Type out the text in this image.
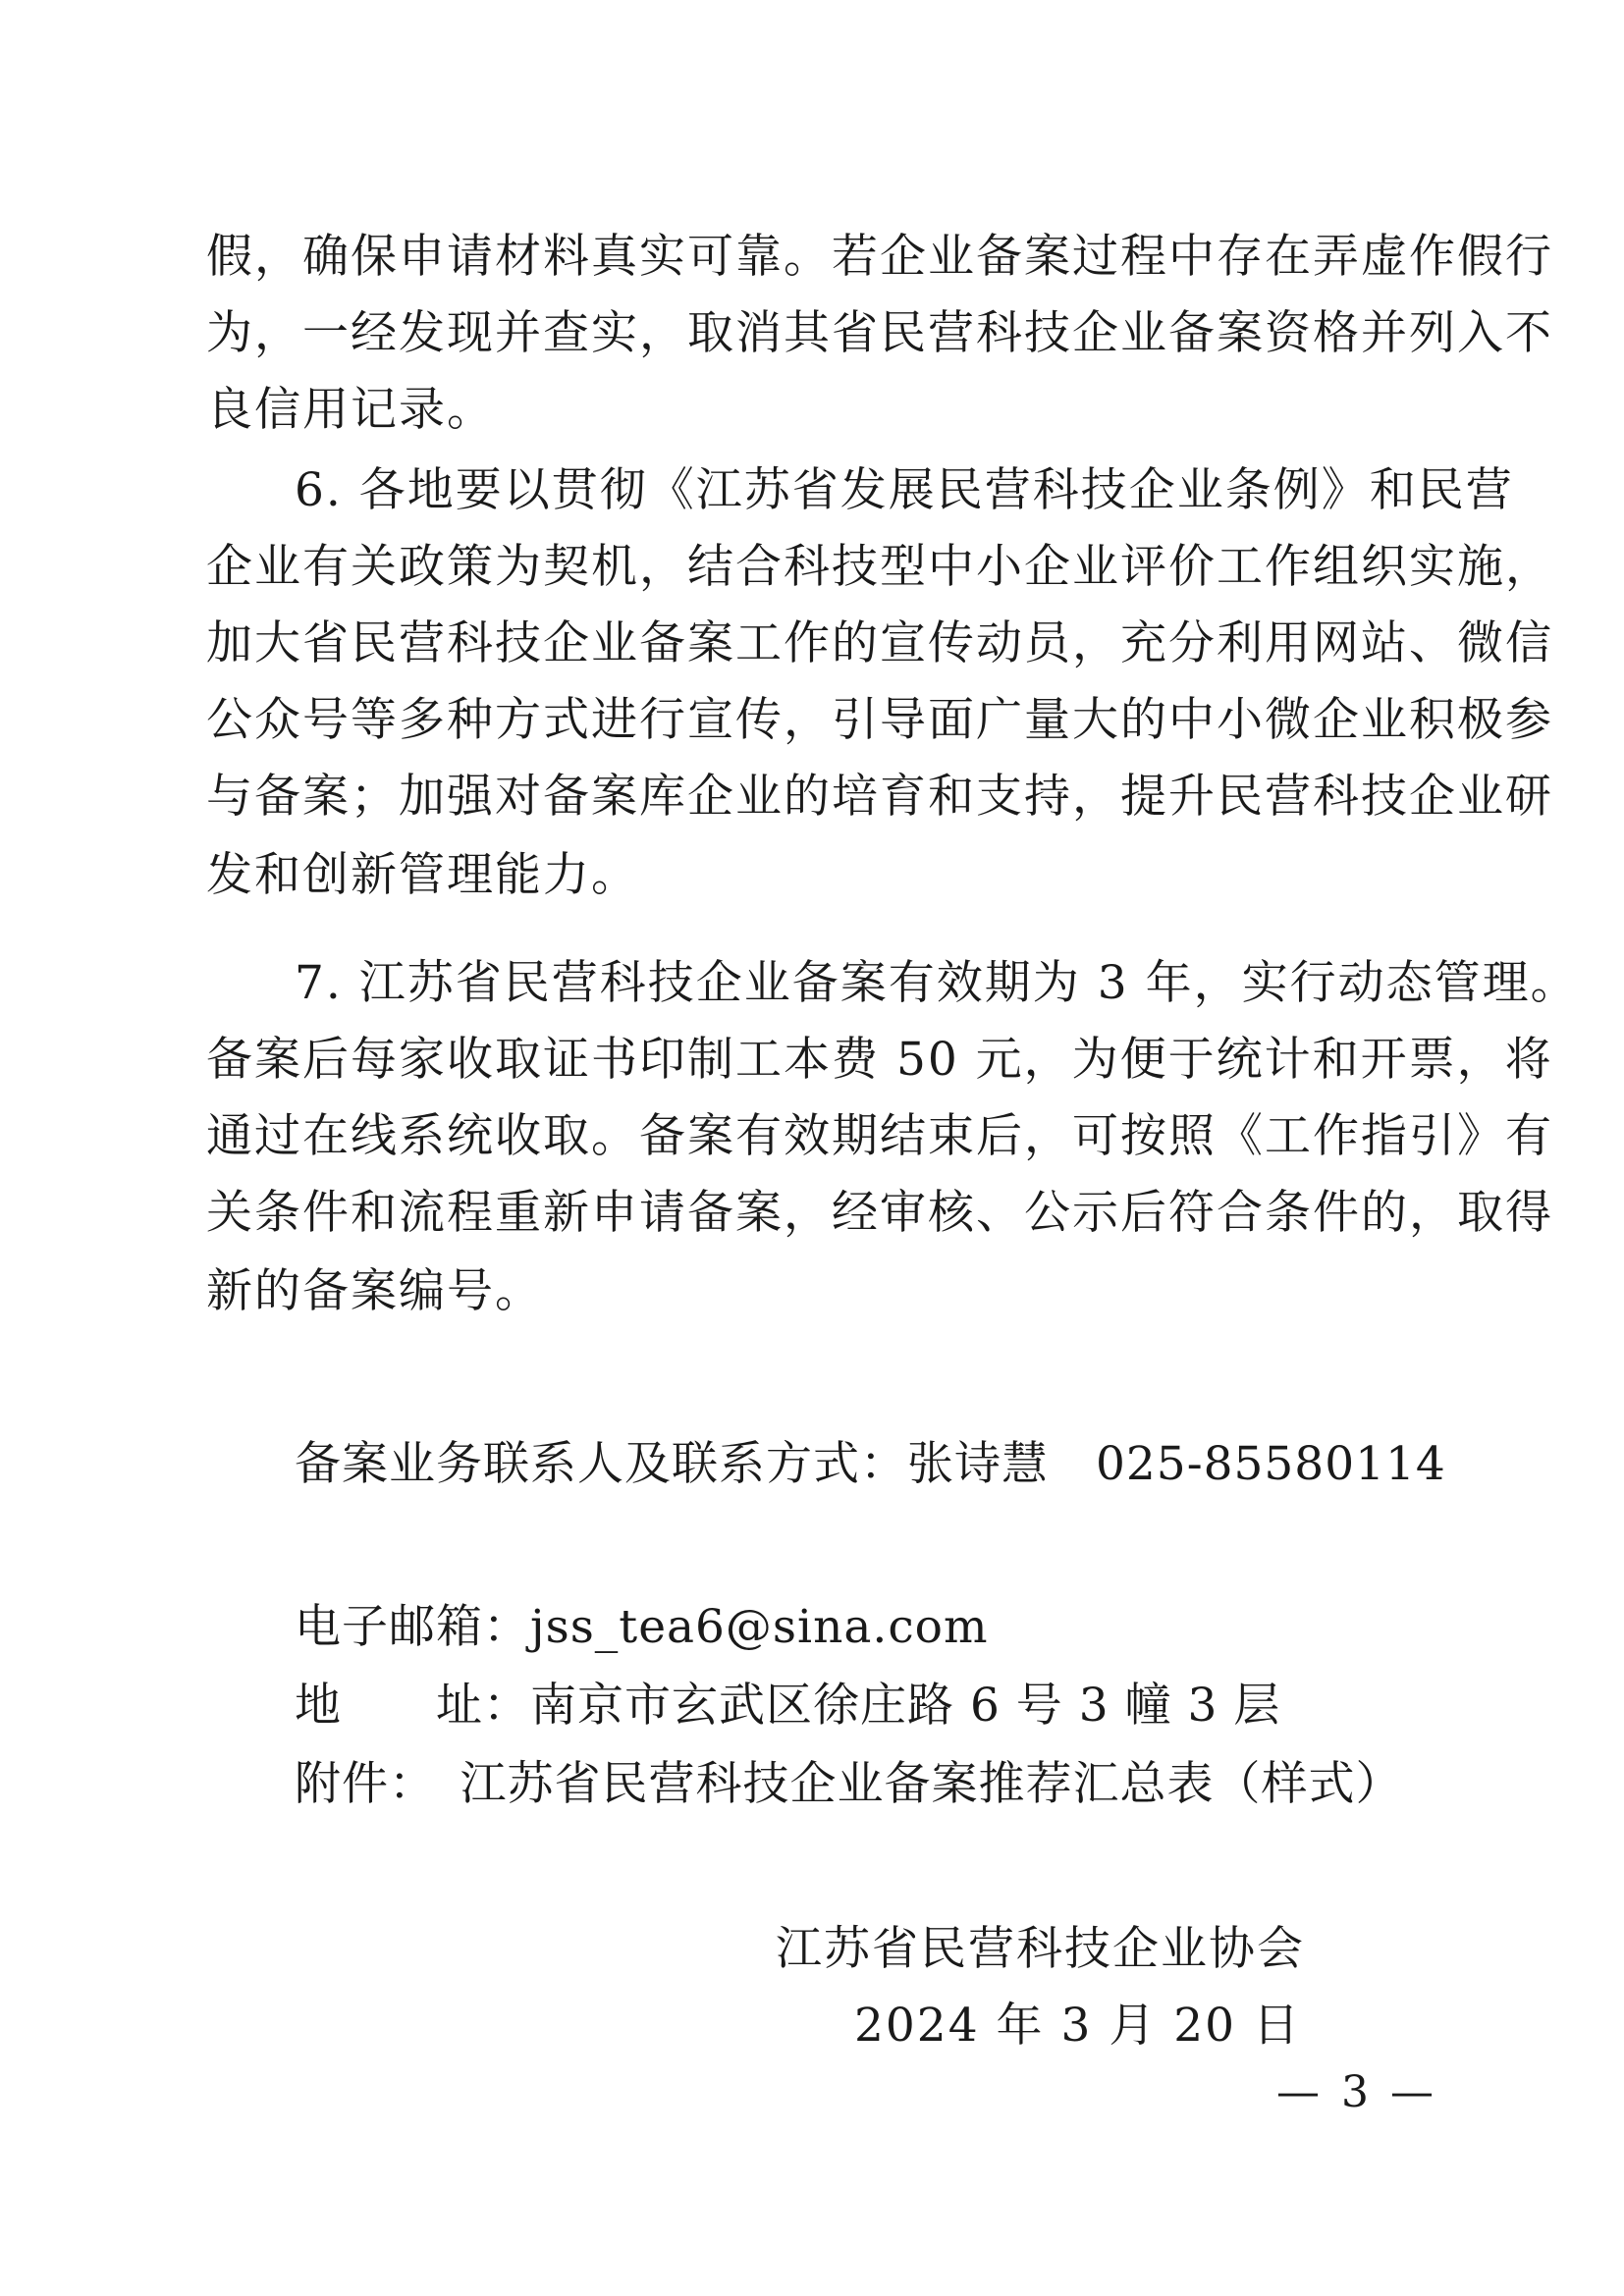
假，确保申请材料真实可靠。若企业备案过程中存在弄虚作假行
为，一经发现并查实，取消其省民营科技企业备案资格并列入不
良信用记录。
6. 各地要以贯彻《江苏省发展民营科技企业条例》和民营
企业有关政策为契机，结合科技型中小企业评价工作组织实施，
加大省民营科技企业备案工作的宣传动员，充分利用网站、微信
公众号等多种方式进行宣传，引导面广量大的中小微企业积极参
与备案；加强对备案库企业的培育和支持，提升民营科技企业研
发和创新管理能力。
7. 江苏省民营科技企业备案有效期为 3 年，实行动态管理。
备案后每家收取证书印制工本费 50 元，为便于统计和开票，将
通过在线系统收取。备案有效期结束后，可按照《工作指引》有
关条件和流程重新申请备案，经审核、公示后符合条件的，取得
新的备案编号。
备案业务联系人及联系方式：张诗慧　025-85580114
电子邮箱：jss_tea6@sina.com
地　　址：南京市玄武区徐庄路 6 号 3 幢 3 层
附件：　江苏省民营科技企业备案推荐汇总表（样式）
江苏省民营科技企业协会
2024 年 3 月 20 日
— 3 —
